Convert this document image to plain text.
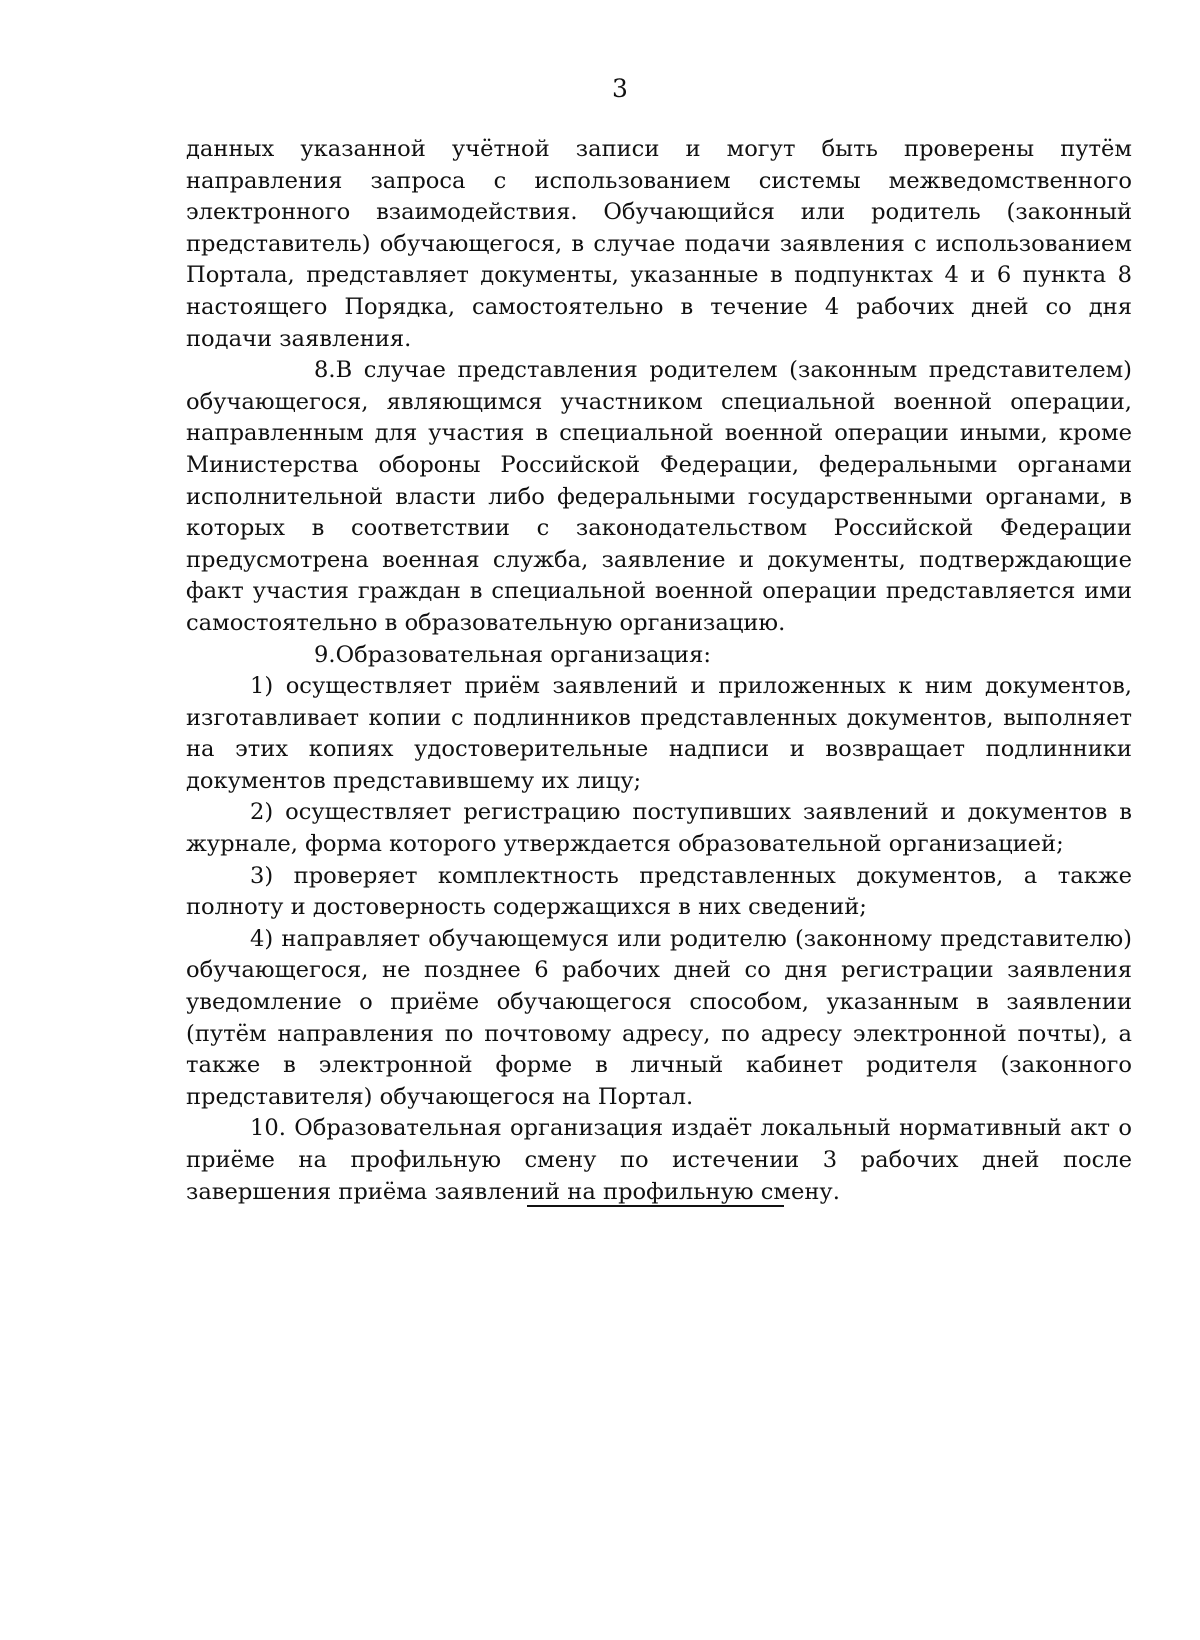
3

данных указанной учётной записи и могут быть проверены путём направления запроса с использованием системы межведомственного электронного взаимодействия. Обучающийся или родитель (законный представитель) обучающегося, в случае подачи заявления с использованием Портала, представляет документы, указанные в подпунктах 4 и 6 пункта 8 настоящего Порядка, самостоятельно в течение 4 рабочих дней со дня подачи заявления.

8.В случае представления родителем (законным представителем) обучающегося, являющимся участником специальной военной операции, направленным для участия в специальной военной операции иными, кроме Министерства обороны Российской Федерации, федеральными органами исполнительной власти либо федеральными государственными органами, в которых в соответствии с законодательством Российской Федерации предусмотрена военная служба, заявление и документы, подтверждающие факт участия граждан в специальной военной операции представляется ими самостоятельно в образовательную организацию.

9.Образовательная организация:

1) осуществляет приём заявлений и приложенных к ним документов, изготавливает копии с подлинников представленных документов, выполняет на этих копиях удостоверительные надписи и возвращает подлинники документов представившему их лицу;

2) осуществляет регистрацию поступивших заявлений и документов в журнале, форма которого утверждается образовательной организацией;

3) проверяет комплектность представленных документов, а также полноту и достоверность содержащихся в них сведений;

4) направляет обучающемуся или родителю (законному представителю) обучающегося, не позднее 6 рабочих дней со дня регистрации заявления уведомление о приёме обучающегося способом, указанным в заявлении (путём направления по почтовому адресу, по адресу электронной почты), а также в электронной форме в личный кабинет родителя (законного представителя) обучающегося на Портал.

10. Образовательная организация издаёт локальный нормативный акт о приёме на профильную смену по истечении 3 рабочих дней после завершения приёма заявлений на профильную смену.
